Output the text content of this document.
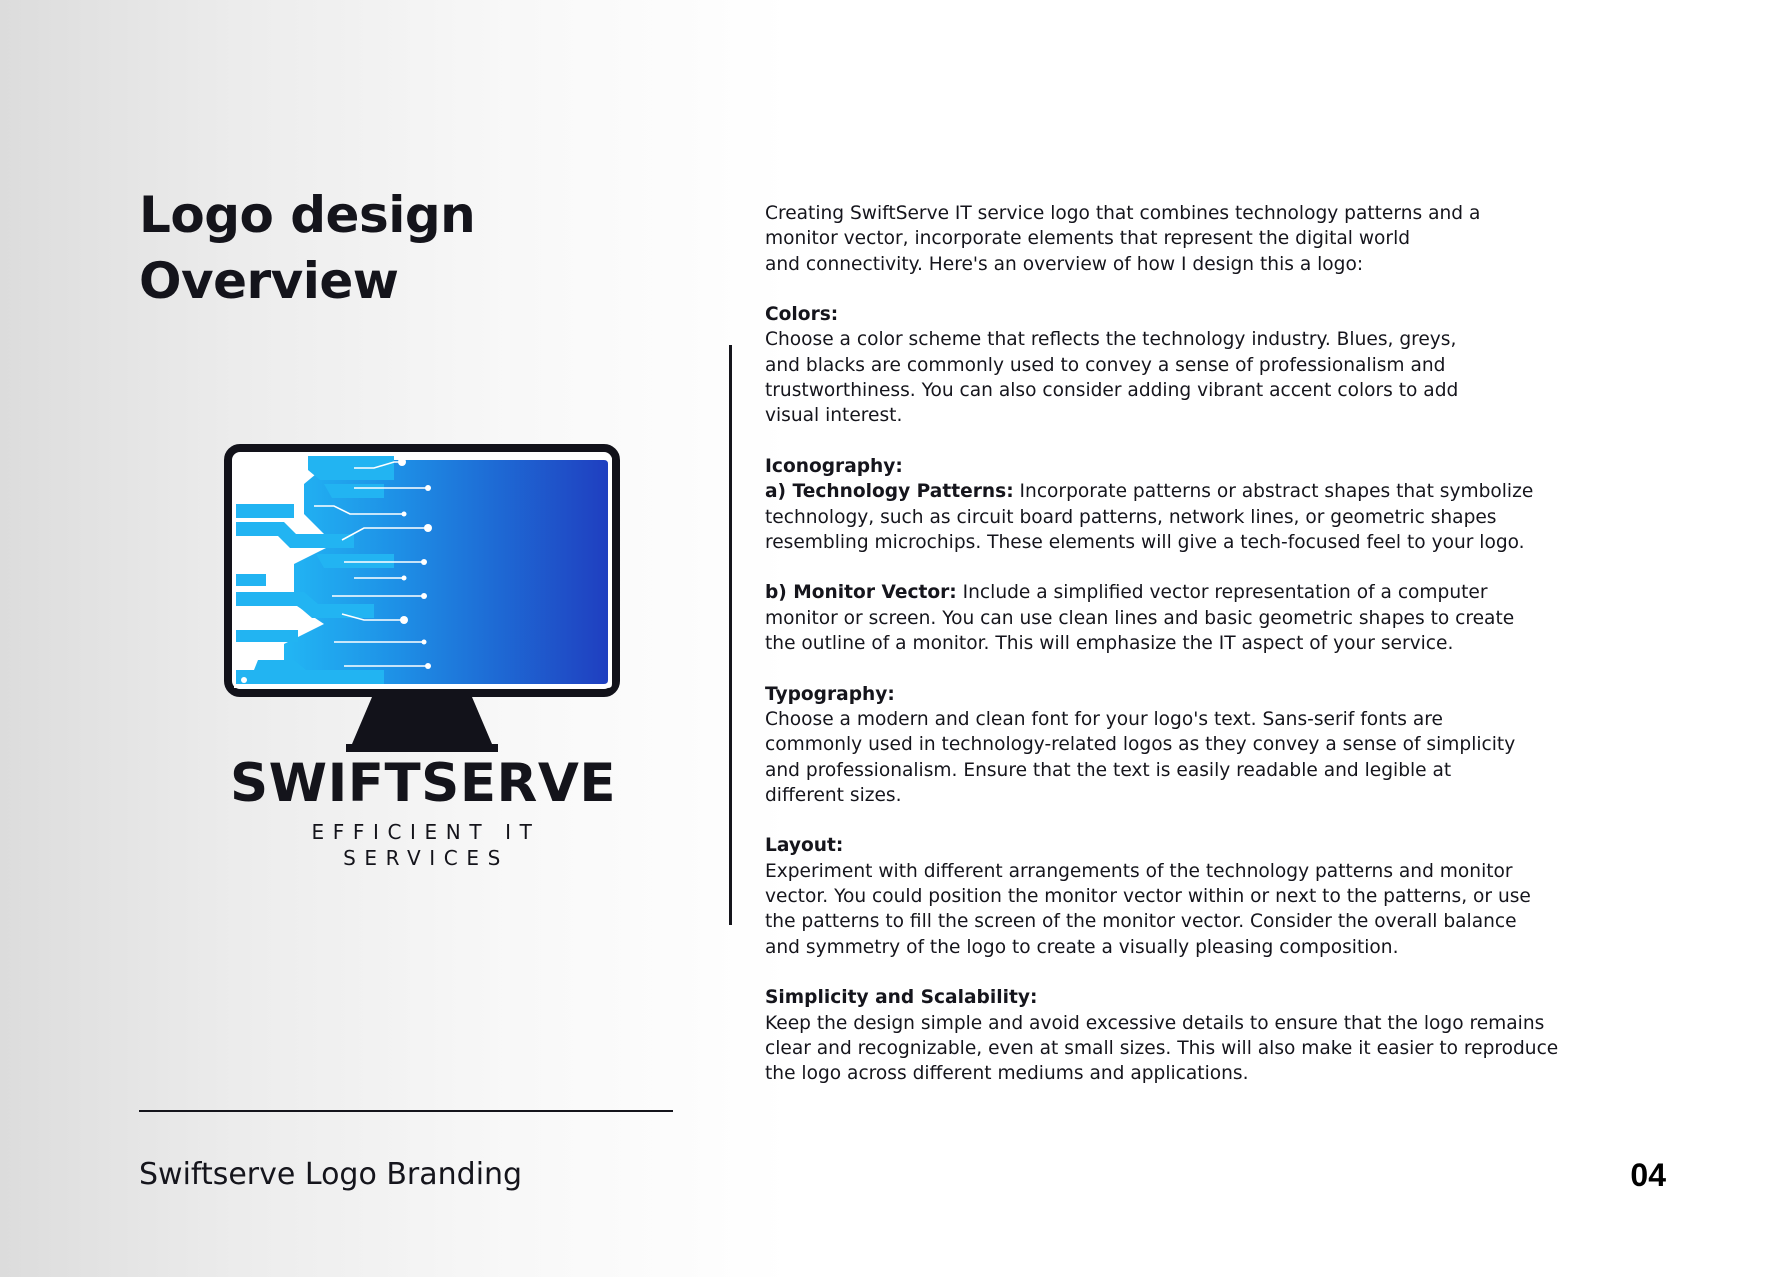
Logo design
Overview
SWIFTSERVE
EFFICIENT IT SERVICES

Creating SwiftServe IT service logo that combines technology patterns and a

monitor vector, incorporate elements that represent the digital world

and connectivity. Here's an overview of how I design this a logo:

Colors:

Choose a color scheme that reflects the technology industry. Blues, greys,

and blacks are commonly used to convey a sense of professionalism and

trustworthiness. You can also consider adding vibrant accent colors to add

visual interest.

Iconography:

a) Technology Patterns: Incorporate patterns or abstract shapes that symbolize

technology, such as circuit board patterns, network lines, or geometric shapes

resembling microchips. These elements will give a tech-focused feel to your logo.

b) Monitor Vector: Include a simplified vector representation of a computer

monitor or screen. You can use clean lines and basic geometric shapes to create

the outline of a monitor. This will emphasize the IT aspect of your service.

Typography:

Choose a modern and clean font for your logo's text. Sans-serif fonts are

commonly used in technology-related logos as they convey a sense of simplicity

and professionalism. Ensure that the text is easily readable and legible at

different sizes.

Layout:

Experiment with different arrangements of the technology patterns and monitor

vector. You could position the monitor vector within or next to the patterns, or use

the patterns to fill the screen of the monitor vector. Consider the overall balance

and symmetry of the logo to create a visually pleasing composition.

Simplicity and Scalability:

Keep the design simple and avoid excessive details to ensure that the logo remains

clear and recognizable, even at small sizes. This will also make it easier to reproduce

the logo across different mediums and applications.

Swiftserve Logo Branding	04
